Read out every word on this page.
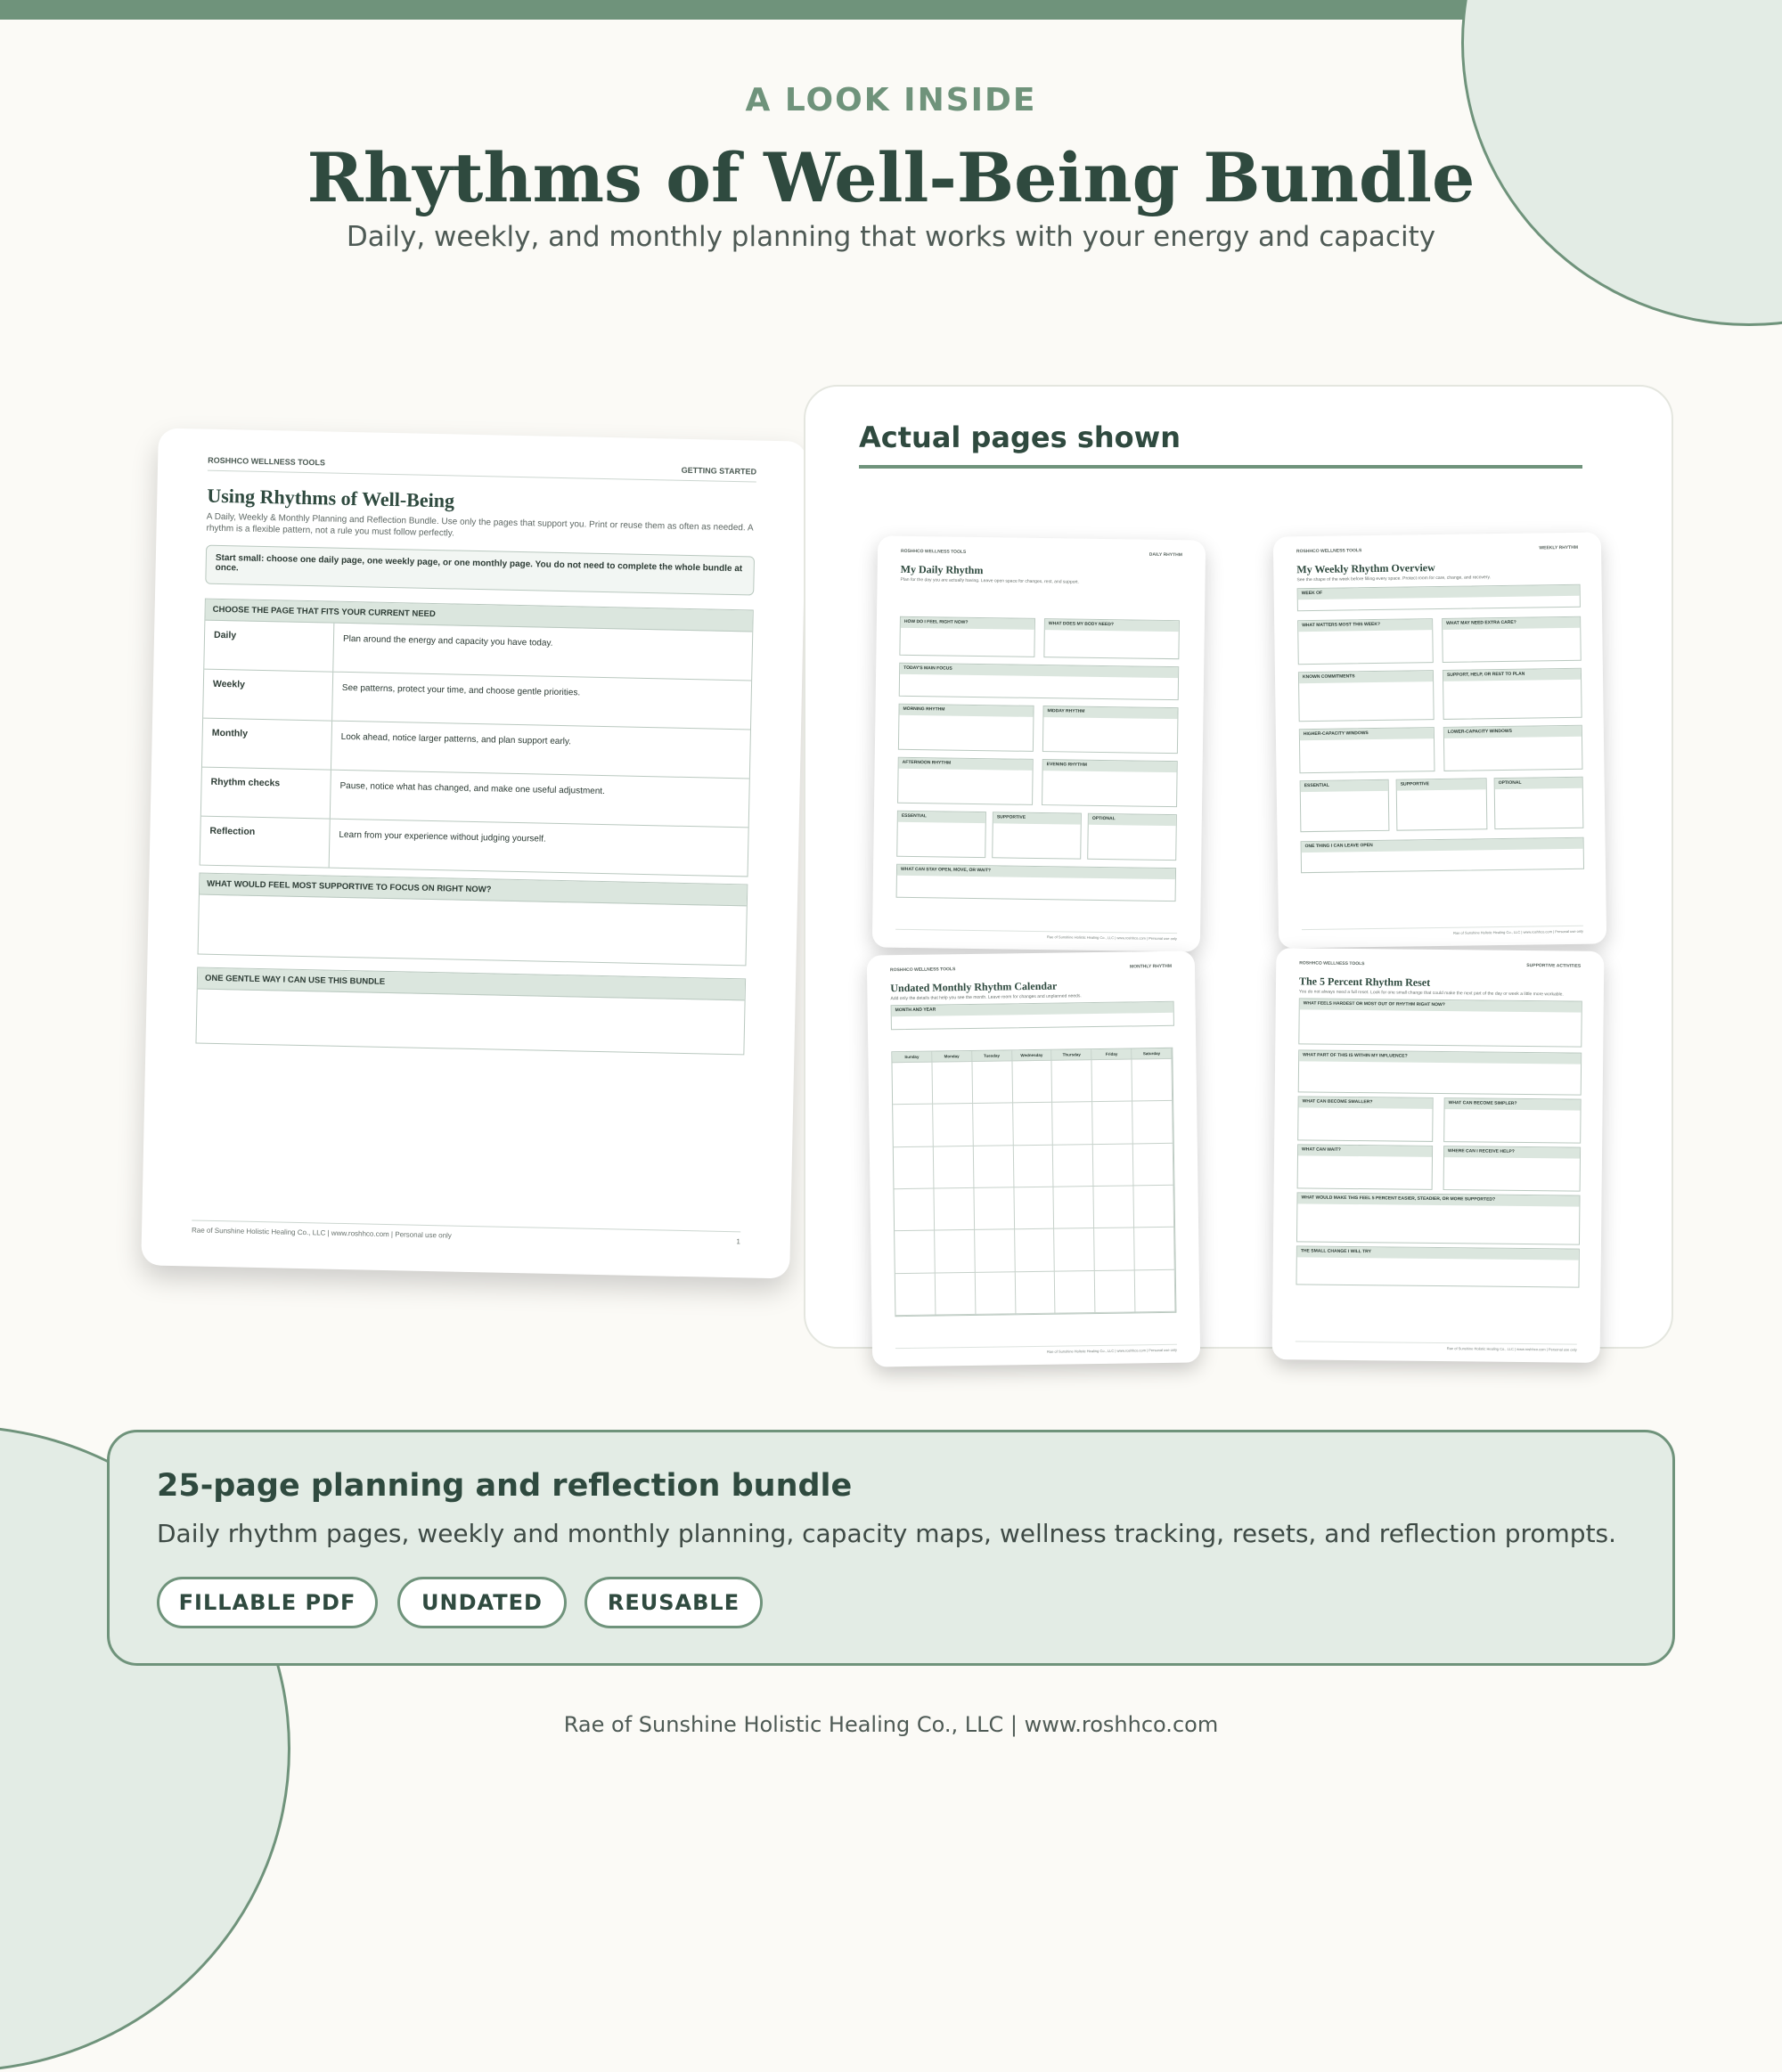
A LOOK INSIDE
Rhythms of Well-Being Bundle
Daily, weekly, and monthly planning that works with your energy and capacity
ROSHHCO WELLNESS TOOLS
GETTING STARTED
Using Rhythms of Well-Being
A Daily, Weekly & Monthly Planning and Reflection Bundle. Use only the pages that support you. Print or reuse them as often as needed. A rhythm is a flexible pattern, not a rule you must follow perfectly.
Start small: choose one daily page, one weekly page, or one monthly page. You do not need to complete the whole bundle at once.
CHOOSE THE PAGE THAT FITS YOUR CURRENT NEED
Daily	Plan around the energy and capacity you have today.
Weekly	See patterns, protect your time, and choose gentle priorities.
Monthly	Look ahead, notice larger patterns, and plan support early.
Rhythm checks	Pause, notice what has changed, and make one useful adjustment.
Reflection	Learn from your experience without judging yourself.
WHAT WOULD FEEL MOST SUPPORTIVE TO FOCUS ON RIGHT NOW?
ONE GENTLE WAY I CAN USE THIS BUNDLE
Rae of Sunshine Holistic Healing Co., LLC | www.roshhco.com | Personal use only
1
Actual pages shown
ROSHHCO WELLNESS TOOLS
DAILY RHYTHM
My Daily Rhythm
Plan for the day you are actually having. Leave open space for changes, rest, and support.
HOW DO I FEEL RIGHT NOW?	WHAT DOES MY BODY NEED?
TODAY'S MAIN FOCUS
MORNING RHYTHM	MIDDAY RHYTHM
AFTERNOON RHYTHM	EVENING RHYTHM
ESSENTIAL	SUPPORTIVE	OPTIONAL
WHAT CAN STAY OPEN, MOVE, OR WAIT?
Rae of Sunshine Holistic Healing Co., LLC | www.roshhco.com | Personal use only
ROSHHCO WELLNESS TOOLS
WEEKLY RHYTHM
My Weekly Rhythm Overview
See the shape of the week before filling every space. Protect room for care, change, and recovery.
WEEK OF
WHAT MATTERS MOST THIS WEEK?	WHAT MAY NEED EXTRA CARE?
KNOWN COMMITMENTS	SUPPORT, HELP, OR REST TO PLAN
HIGHER-CAPACITY WINDOWS	LOWER-CAPACITY WINDOWS
ESSENTIAL	SUPPORTIVE	OPTIONAL
ONE THING I CAN LEAVE OPEN
Rae of Sunshine Holistic Healing Co., LLC | www.roshhco.com | Personal use only
ROSHHCO WELLNESS TOOLS
MONTHLY RHYTHM
Undated Monthly Rhythm Calendar
Add only the details that help you see the month. Leave room for changes and unplanned needs.
MONTH AND YEAR
Sunday	Monday	Tuesday	Wednesday	Thursday	Friday	Saturday
Rae of Sunshine Holistic Healing Co., LLC | www.roshhco.com | Personal use only
ROSHHCO WELLNESS TOOLS	SUPPORTIVE ACTIVITIES
The 5 Percent Rhythm Reset
You do not always need a full reset. Look for one small change that could make the next part of the day or week a little more workable.
WHAT FEELS HARDEST OR MOST OUT OF RHYTHM RIGHT NOW?
WHAT PART OF THIS IS WITHIN MY INFLUENCE?
WHAT CAN BECOME SMALLER?	WHAT CAN BECOME SIMPLER?
WHAT CAN WAIT?	WHERE CAN I RECEIVE HELP?
WHAT WOULD MAKE THIS FEEL 5 PERCENT EASIER, STEADIER, OR MORE SUPPORTED?
THE SMALL CHANGE I WILL TRY
Rae of Sunshine Holistic Healing Co., LLC | www.roshhco.com | Personal use only
25-page planning and reflection bundle
Daily rhythm pages, weekly and monthly planning, capacity maps, wellness tracking, resets, and reflection prompts.
FILLABLE PDF	UNDATED	REUSABLE
Rae of Sunshine Holistic Healing Co., LLC | www.roshhco.com
